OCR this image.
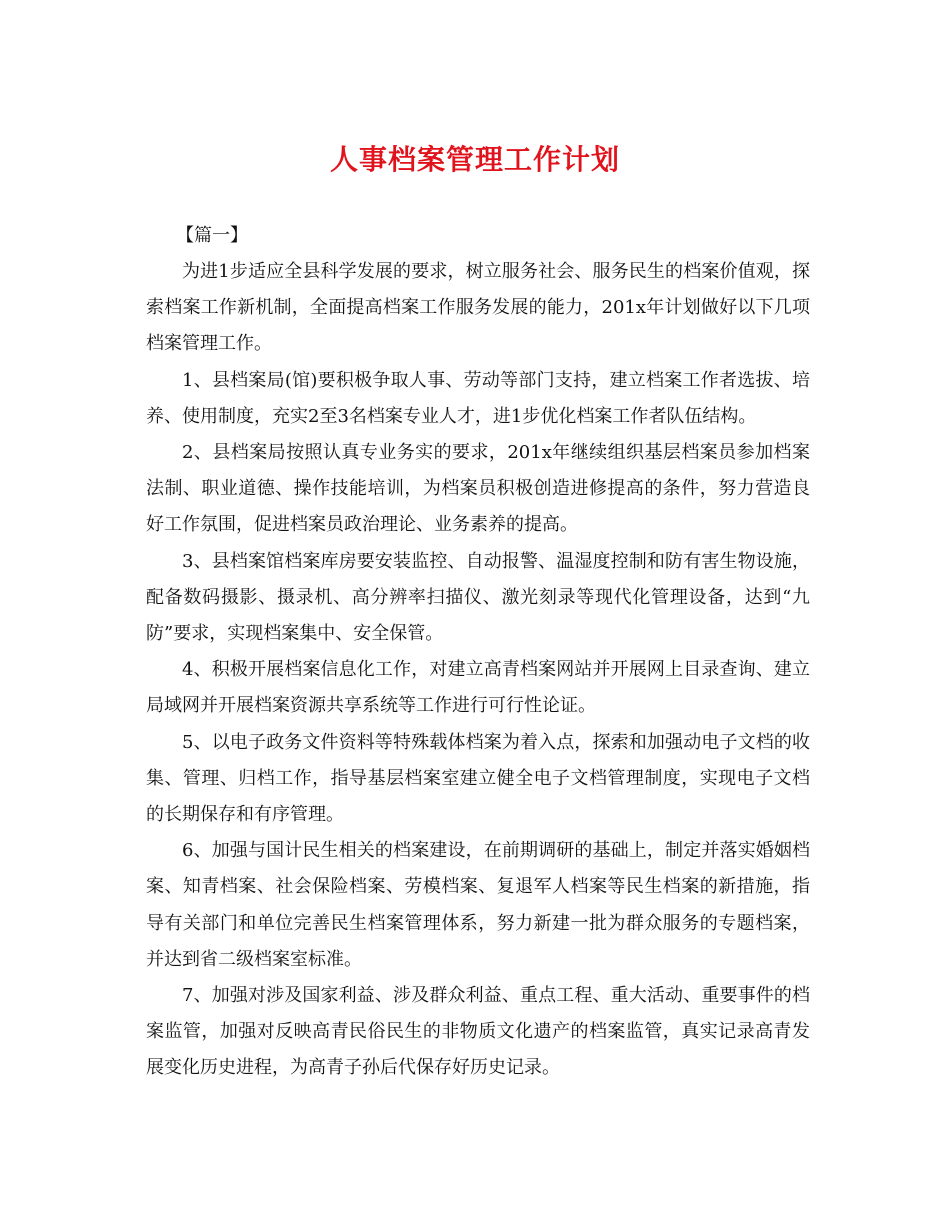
人事档案管理工作计划

【篇一】

为进1步适应全县科学发展的要求，树立服务社会、服务民生的档案价值观，探索档案工作新机制，全面提高档案工作服务发展的能力，201x年计划做好以下几项档案管理工作。

1、县档案局(馆)要积极争取人事、劳动等部门支持，建立档案工作者选拔、培养、使用制度，充实2至3名档案专业人才，进1步优化档案工作者队伍结构。

2、县档案局按照认真专业务实的要求，201x年继续组织基层档案员参加档案法制、职业道德、操作技能培训，为档案员积极创造进修提高的条件，努力营造良好工作氛围，促进档案员政治理论、业务素养的提高。

3、县档案馆档案库房要安装监控、自动报警、温湿度控制和防有害生物设施，配备数码摄影、摄录机、高分辨率扫描仪、激光刻录等现代化管理设备，达到“九防”要求，实现档案集中、安全保管。

4、积极开展档案信息化工作，对建立高青档案网站并开展网上目录查询、建立局域网并开展档案资源共享系统等工作进行可行性论证。

5、以电子政务文件资料等特殊载体档案为着入点，探索和加强动电子文档的收集、管理、归档工作，指导基层档案室建立健全电子文档管理制度，实现电子文档的长期保存和有序管理。

6、加强与国计民生相关的档案建设，在前期调研的基础上，制定并落实婚姻档案、知青档案、社会保险档案、劳模档案、复退军人档案等民生档案的新措施，指导有关部门和单位完善民生档案管理体系，努力新建一批为群众服务的专题档案，并达到省二级档案室标准。

7、加强对涉及国家利益、涉及群众利益、重点工程、重大活动、重要事件的档案监管，加强对反映高青民俗民生的非物质文化遗产的档案监管，真实记录高青发展变化历史进程，为高青子孙后代保存好历史记录。
